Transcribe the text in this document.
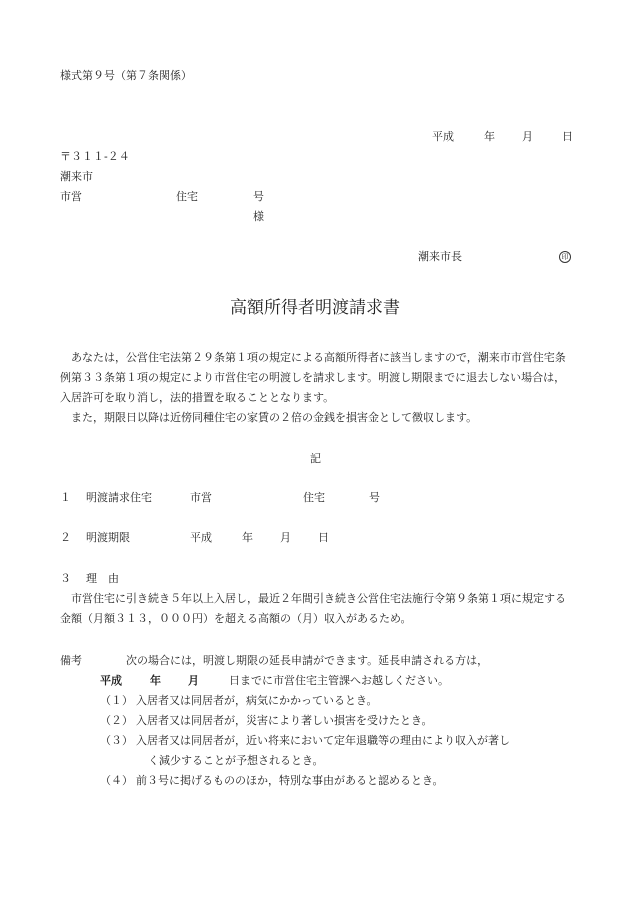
様式第９号（第７条関係）
平成	年 月	日
〒３１１-２４
潮来市
市営	住宅	号
様
潮来市長	印
高額所得者明渡請求書
あなたは，公営住宅法第２９条第１項の規定による高額所得者に該当しますので，潮来市市営住宅条例第３３条第１項の規定により市営住宅の明渡しを請求します。明渡し期限までに退去しない場合は，入居許可を取り消し，法的措置を取ることとなります。
また，期限日以降は近傍同種住宅の家賃の２倍の金銭を損害金として徴収します。
記
１ 明渡請求住宅	市営	住宅	号
２ 明渡期限	平成	年 月 日
３ 理　由
市営住宅に引き続き５年以上入居し，最近２年間引き続き公営住宅法施行令第９条第１項に規定する金額（月額３１３，０００円）を超える高額の（月）収入があるため。
備考	次の場合には，明渡し期限の延長申請ができます。延長申請される方は，
平成	年 月	日までに市営住宅主管課へお越しください。
（１） 入居者又は同居者が，病気にかかっているとき。
（２） 入居者又は同居者が，災害により著しい損害を受けたとき。
（３） 入居者又は同居者が，近い将来において定年退職等の理由により収入が著し
く減少することが予想されるとき。
（４） 前３号に掲げるもののほか，特別な事由があると認めるとき。
